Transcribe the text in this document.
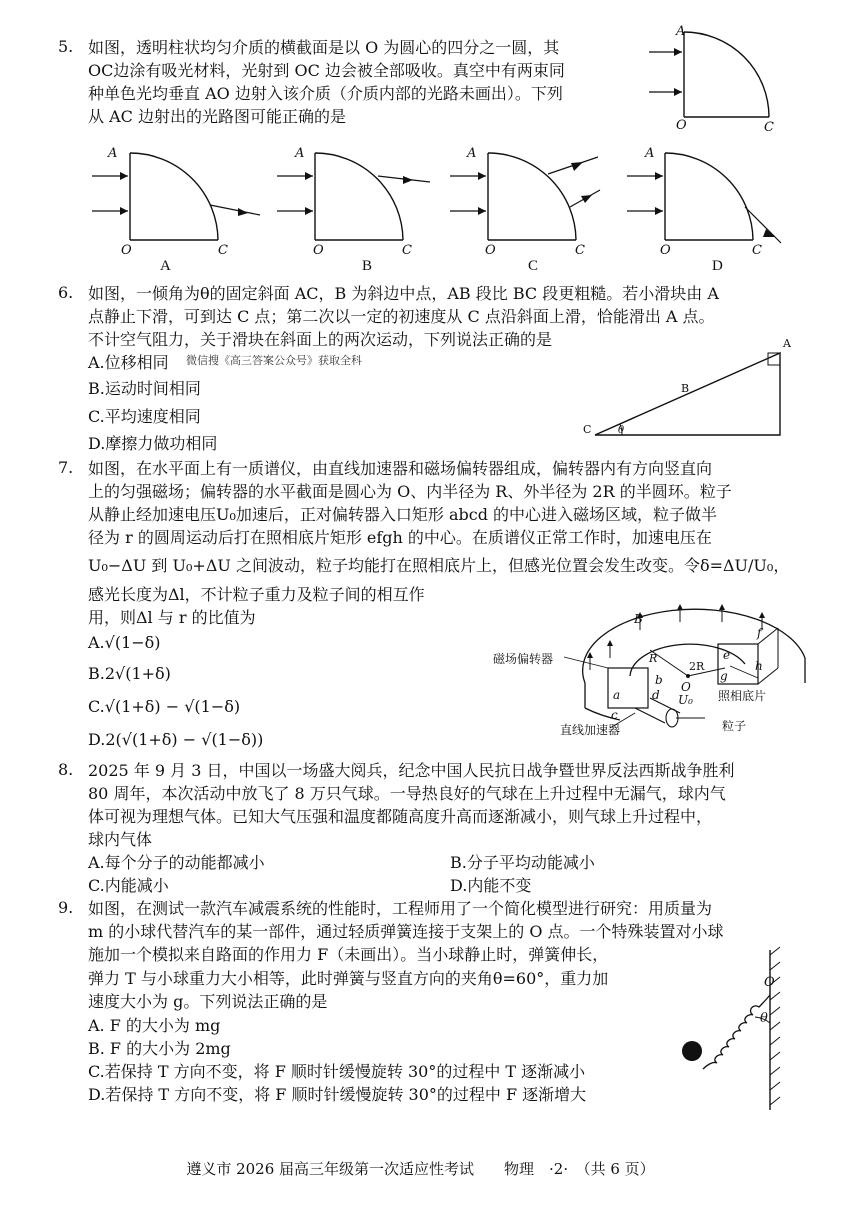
5. 如图，透明柱状均匀介质的横截面是以 O 为圆心的四分之一圆，其
OC边涂有吸光材料，光射到 OC 边会被全部吸收。真空中有两束同
种单色光均垂直 AO 边射入该介质（介质内部的光路未画出）。下列
从 AC 边射出的光路图可能正确的是
A
O	C
A
O	C
A
A
O	C
B
A
O	C
C
A
O	C
D
6. 如图，一倾角为θ的固定斜面 AC，B 为斜边中点，AB 段比 BC 段更粗糙。若小滑块由 A
点静止下滑，可到达 C 点；第二次以一定的初速度从 C 点沿斜面上滑，恰能滑出 A 点。
不计空气阻力，关于滑块在斜面上的两次运动，下列说法正确的是
A.位移相同 微信搜《高三答案公众号》获取全科
B.运动时间相同
C.平均速度相同
D.摩擦力做功相同
A
B
C	θ
7. 如图，在水平面上有一质谱仪，由直线加速器和磁场偏转器组成，偏转器内有方向竖直向
上的匀强磁场；偏转器的水平截面是圆心为 O、内半径为 R、外半径为 2R 的半圆环。粒子
从静止经加速电压U₀加速后，正对偏转器入口矩形 abcd 的中心进入磁场区域，粒子做半
径为 r 的圆周运动后打在照相底片矩形 efgh 的中心。在质谱仪正常工作时，加速电压在
U₀−ΔU 到 U₀+ΔU 之间波动，粒子均能打在照相底片上，但感光位置会发生改变。令δ=ΔU/U₀，
感光长度为Δl，不计粒子重力及粒子间的相互作
用，则Δl 与 r 的比值为
A.√(1−δ)
B.2√(1+δ)
C.√(1+δ) − √(1−δ)
D.2(√(1+δ) − √(1−δ))
磁场偏转器
直线加速器
照相底片
粒子
B
R
2R
O
U₀
a
b
c
d
e
f
g
h
8. 2025 年 9 月 3 日，中国以一场盛大阅兵，纪念中国人民抗日战争暨世界反法西斯战争胜利
80 周年，本次活动中放飞了 8 万只气球。一导热良好的气球在上升过程中无漏气，球内气
体可视为理想气体。已知大气压强和温度都随高度升高而逐渐减小，则气球上升过程中，
球内气体
A.每个分子的动能都减小	B.分子平均动能减小
C.内能减小	D.内能不变
9. 如图，在测试一款汽车减震系统的性能时，工程师用了一个简化模型进行研究：用质量为
m 的小球代替汽车的某一部件，通过轻质弹簧连接于支架上的 O 点。一个特殊装置对小球
施加一个模拟来自路面的作用力 F（未画出）。当小球静止时，弹簧伸长，
弹力 T 与小球重力大小相等，此时弹簧与竖直方向的夹角θ=60°，重力加
速度大小为 g。下列说法正确的是
A. F 的大小为 mg
B. F 的大小为 2mg
C.若保持 T 方向不变，将 F 顺时针缓慢旋转 30°的过程中 T 逐渐减小
D.若保持 T 方向不变，将 F 顺时针缓慢旋转 30°的过程中 F 逐渐增大
O
θ
遵义市 2026 届高三年级第一次适应性考试　　物理　·2·　（共 6 页）
